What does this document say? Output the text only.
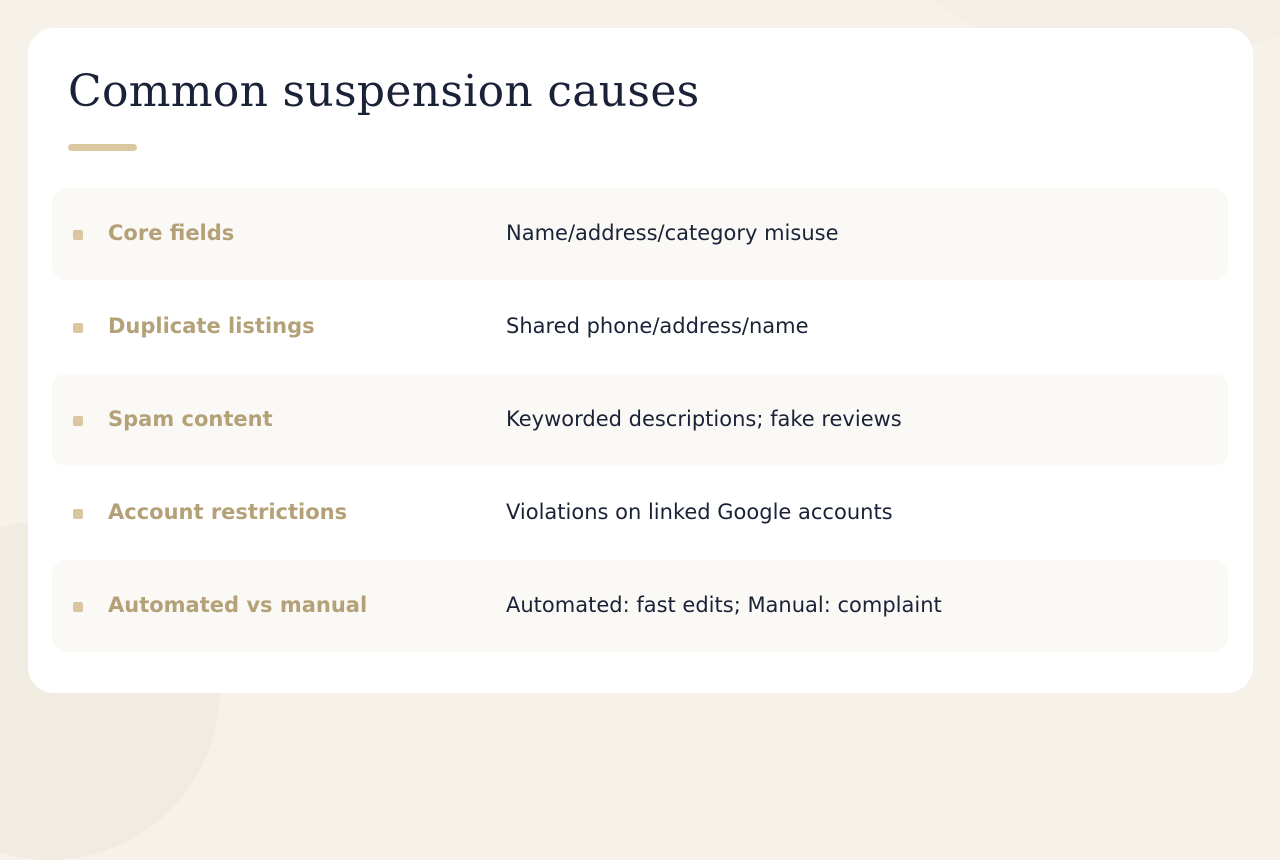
Common suspension causes
Core fields	Name/address/category misuse
Duplicate listings	Shared phone/address/name
Spam content	Keyworded descriptions; fake reviews
Account restrictions	Violations on linked Google accounts
Automated vs manual	Automated: fast edits; Manual: complaint
